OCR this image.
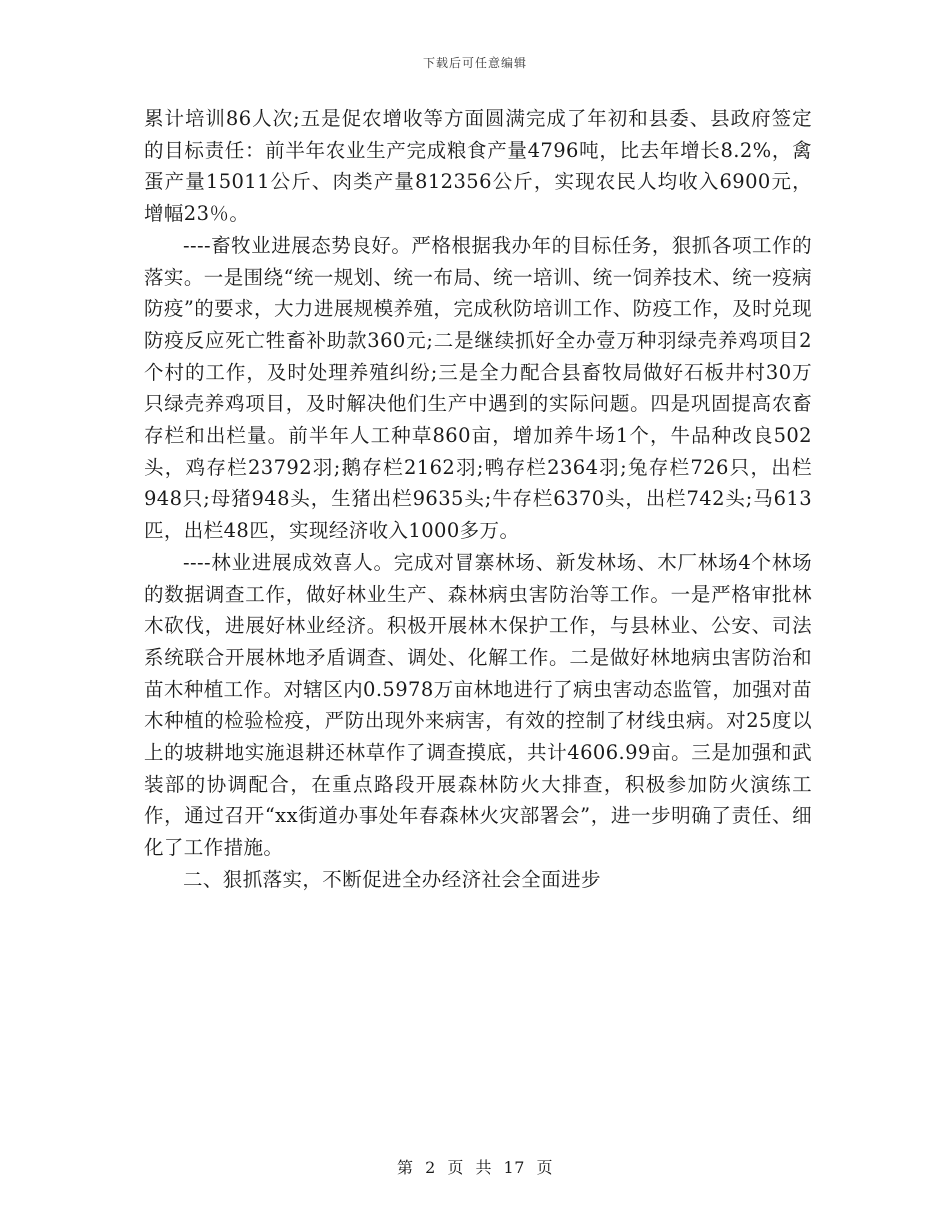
下载后可任意编辑

累计培训86人次;五是促农增收等方面圆满完成了年初和县委、县政府签定的目标责任：前半年农业生产完成粮食产量4796吨，比去年增长8.2%，禽蛋产量15011公斤、肉类产量812356公斤，实现农民人均收入6900元，增幅23％。

----畜牧业进展态势良好。严格根据我办年的目标任务，狠抓各项工作的落实。一是围绕“统一规划、统一布局、统一培训、统一饲养技术、统一疫病防疫”的要求，大力进展规模养殖，完成秋防培训工作、防疫工作，及时兑现防疫反应死亡牲畜补助款360元;二是继续抓好全办壹万种羽绿壳养鸡项目2个村的工作，及时处理养殖纠纷;三是全力配合县畜牧局做好石板井村30万只绿壳养鸡项目，及时解决他们生产中遇到的实际问题。四是巩固提高农畜存栏和出栏量。前半年人工种草860亩，增加养牛场1个，牛品种改良502头，鸡存栏23792羽;鹅存栏2162羽;鸭存栏2364羽;兔存栏726只，出栏948只;母猪948头，生猪出栏9635头;牛存栏6370头，出栏742头;马613匹，出栏48匹，实现经济收入1000多万。

----林业进展成效喜人。完成对冒寨林场、新发林场、木厂林场4个林场的数据调查工作，做好林业生产、森林病虫害防治等工作。一是严格审批林木砍伐，进展好林业经济。积极开展林木保护工作，与县林业、公安、司法系统联合开展林地矛盾调查、调处、化解工作。二是做好林地病虫害防治和苗木种植工作。对辖区内0.5978万亩林地进行了病虫害动态监管，加强对苗木种植的检验检疫，严防出现外来病害，有效的控制了材线虫病。对25度以上的坡耕地实施退耕还林草作了调查摸底，共计4606.99亩。三是加强和武装部的协调配合，在重点路段开展森林防火大排查，积极参加防火演练工作，通过召开“xx街道办事处年春森林火灾部署会”，进一步明确了责任、细化了工作措施。

二、狠抓落实，不断促进全办经济社会全面进步

第 2 页 共 17 页
